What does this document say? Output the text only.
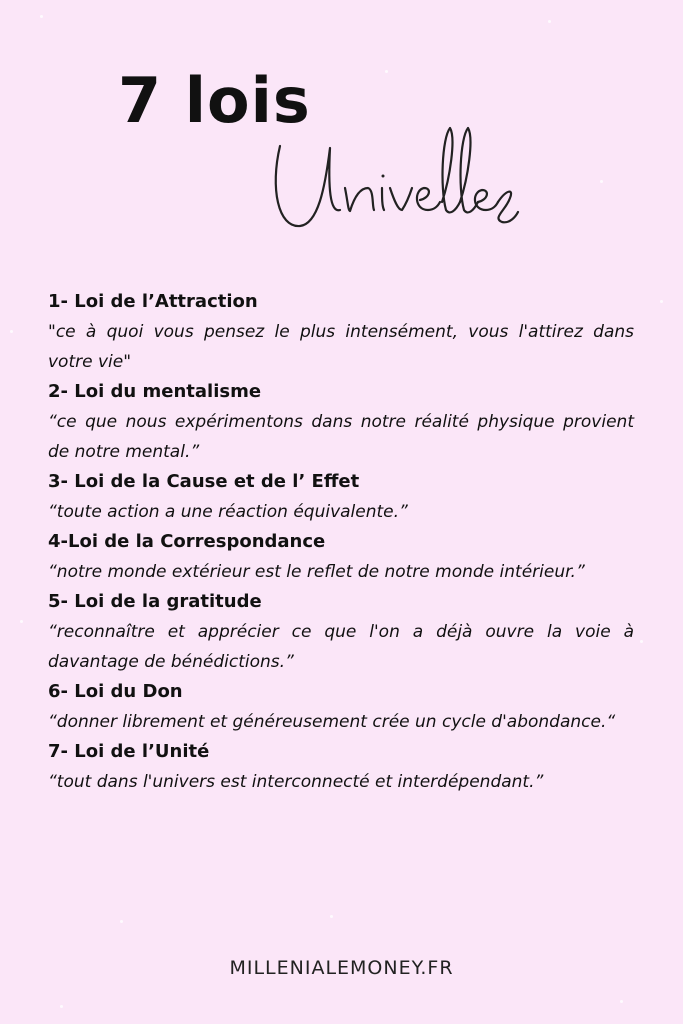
7 lois
1- Loi de l’Attraction
"ce à quoi vous pensez le plus intensément, vous l'attirez dans votre vie"
2- Loi du mentalisme
“ce que nous expérimentons dans notre réalité physique provient de notre mental.”
3- Loi de la Cause et de l’ Effet
“toute action a une réaction équivalente.”
4-Loi de la Correspondance
“notre monde extérieur est le reflet de notre monde intérieur.”
5- Loi de la gratitude
“reconnaître et apprécier ce que l'on a déjà ouvre la voie à davantage de bénédictions.”
6- Loi du Don
“donner librement et généreusement crée un cycle d'abondance.“
7- Loi de l’Unité
“tout dans l'univers est interconnecté et interdépendant.”
MILLENIALEMONEY.FR
